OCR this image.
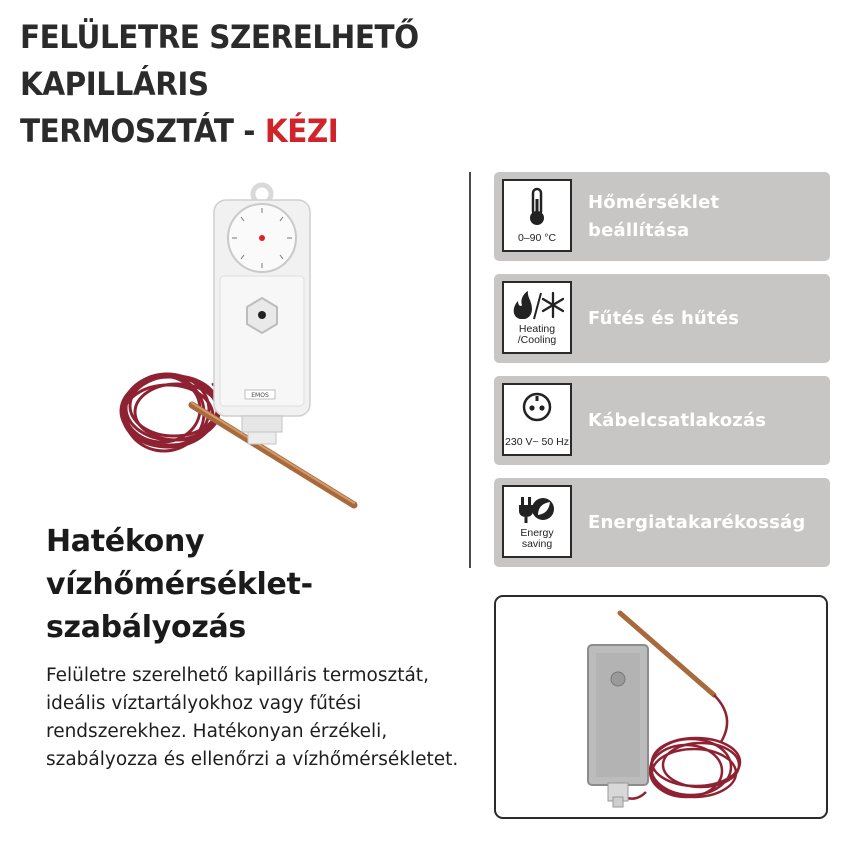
FELÜLETRE SZERELHETŐ
KAPILLÁRIS
TERMOSZTÁT - KÉZI
EMOS
0–90 °C
Hőmérséklet beállítása
Heating /Cooling
Fűtés és hűtés
230 V~ 50 Hz
Kábelcsatlakozás
Energy saving
Energiatakarékosság
Hatékony
vízhőmérséklet-
szabályozás
Felületre szerelhető kapilláris termosztát, ideális víztartályokhoz vagy fűtési rendszerekhez. Hatékonyan érzékeli, szabályozza és ellenőrzi a vízhőmérsékletet.
